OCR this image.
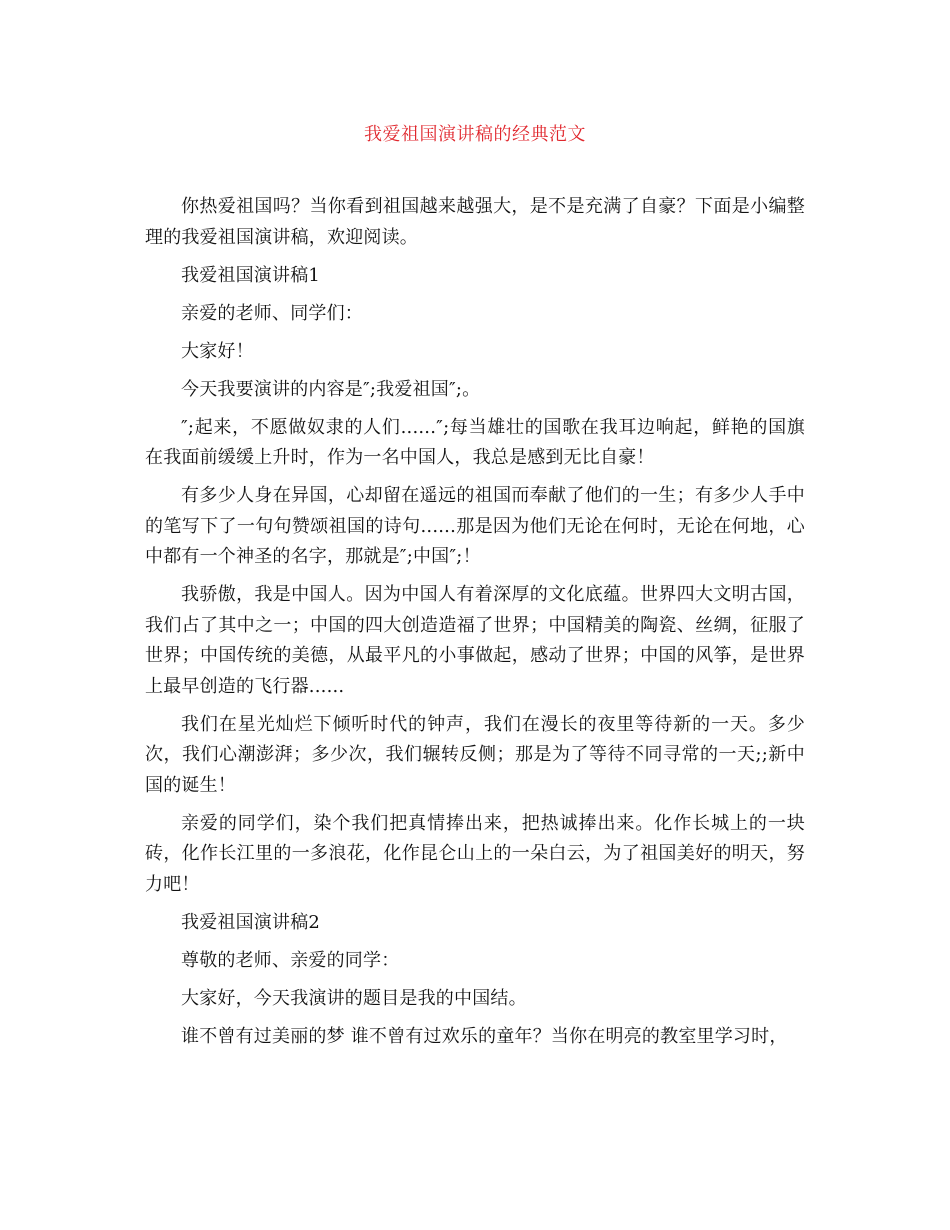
我爱祖国演讲稿的经典范文

你热爱祖国吗？当你看到祖国越来越强大，是不是充满了自豪？下面是小编整理的我爱祖国演讲稿，欢迎阅读。

我爱祖国演讲稿1

亲爱的老师、同学们：

大家好！

今天我要演讲的内容是″;我爱祖国″;。

″;起来，不愿做奴隶的人们......″;每当雄壮的国歌在我耳边响起，鲜艳的国旗在我面前缓缓上升时，作为一名中国人，我总是感到无比自豪！

有多少人身在异国，心却留在遥远的祖国而奉献了他们的一生；有多少人手中的笔写下了一句句赞颂祖国的诗句......那是因为他们无论在何时，无论在何地，心中都有一个神圣的名字，那就是″;中国″;！

我骄傲，我是中国人。因为中国人有着深厚的文化底蕴。世界四大文明古国，我们占了其中之一；中国的四大创造造福了世界；中国精美的陶瓷、丝绸，征服了世界；中国传统的美德，从最平凡的小事做起，感动了世界；中国的风筝，是世界上最早创造的飞行器......

我们在星光灿烂下倾听时代的钟声，我们在漫长的夜里等待新的一天。多少次，我们心潮澎湃；多少次，我们辗转反侧；那是为了等待不同寻常的一天;;新中国的诞生！

亲爱的同学们，染个我们把真情捧出来，把热诚捧出来。化作长城上的一块砖，化作长江里的一多浪花，化作昆仑山上的一朵白云，为了祖国美好的明天，努力吧！

我爱祖国演讲稿2

尊敬的老师、亲爱的同学：

大家好，今天我演讲的题目是我的中国结。

谁不曾有过美丽的梦 谁不曾有过欢乐的童年？当你在明亮的教室里学习时，
